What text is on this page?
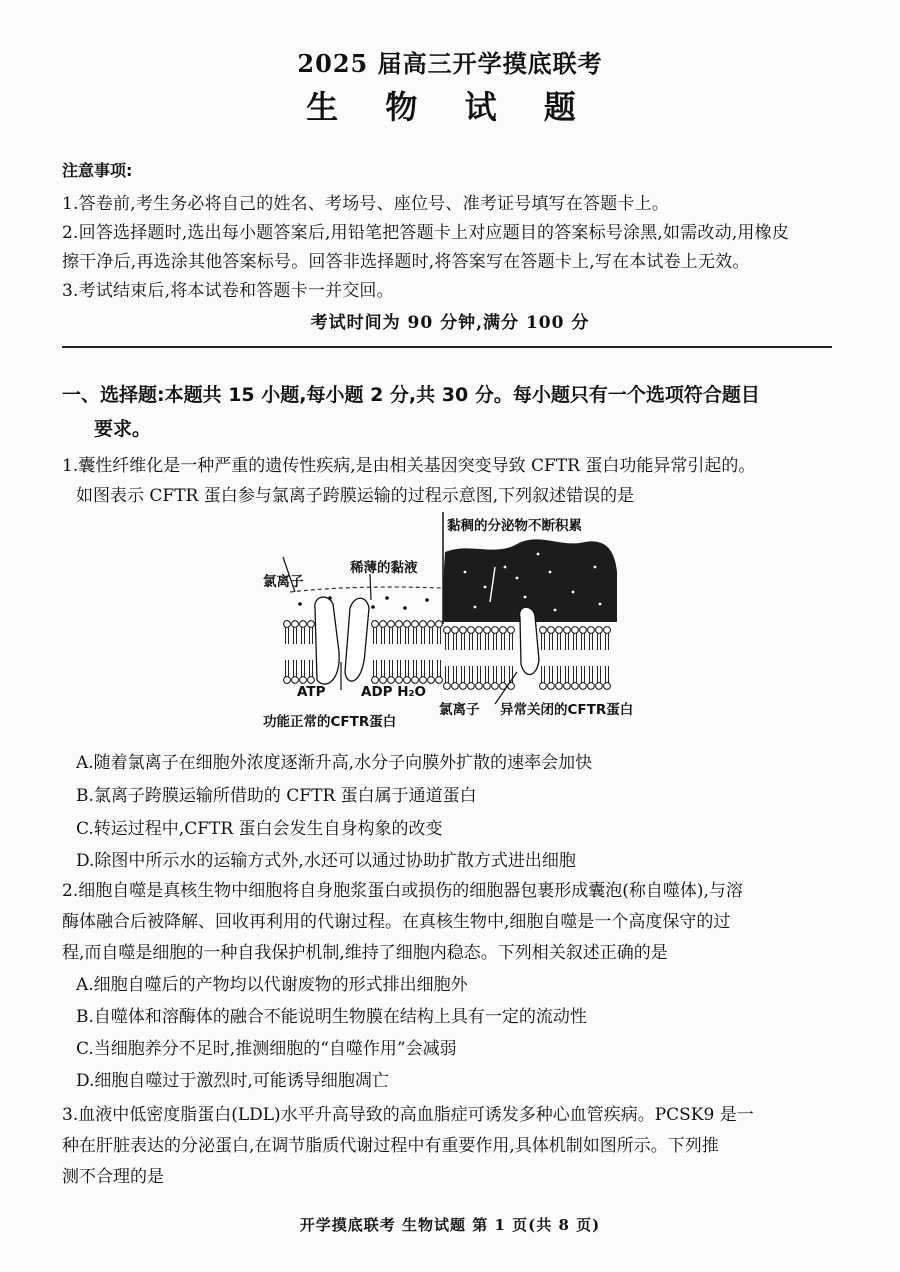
2025 届高三开学摸底联考
生 物 试 题
注意事项:
1.答卷前,考生务必将自己的姓名、考场号、座位号、准考证号填写在答题卡上。
2.回答选择题时,选出每小题答案后,用铅笔把答题卡上对应题目的答案标号涂黑,如需改动,用橡皮
擦干净后,再选涂其他答案标号。回答非选择题时,将答案写在答题卡上,写在本试卷上无效。
3.考试结束后,将本试卷和答题卡一并交回。
考试时间为 90 分钟,满分 100 分
一、选择题:本题共 15 小题,每小题 2 分,共 30 分。每小题只有一个选项符合题目
要求。
1.囊性纤维化是一种严重的遗传性疾病,是由相关基因突变导致 CFTR 蛋白功能异常引起的。
如图表示 CFTR 蛋白参与氯离子跨膜运输的过程示意图,下列叙述错误的是
黏稠的分泌物不断积累
稀薄的黏液
氯离子
ATP	ADP H₂O
功能正常的CFTR蛋白
氯离子 异常关闭的CFTR蛋白
A.随着氯离子在细胞外浓度逐渐升高,水分子向膜外扩散的速率会加快
B.氯离子跨膜运输所借助的 CFTR 蛋白属于通道蛋白
C.转运过程中,CFTR 蛋白会发生自身构象的改变
D.除图中所示水的运输方式外,水还可以通过协助扩散方式进出细胞
2.细胞自噬是真核生物中细胞将自身胞浆蛋白或损伤的细胞器包裹形成囊泡(称自噬体),与溶
酶体融合后被降解、回收再利用的代谢过程。在真核生物中,细胞自噬是一个高度保守的过
程,而自噬是细胞的一种自我保护机制,维持了细胞内稳态。下列相关叙述正确的是
A.细胞自噬后的产物均以代谢废物的形式排出细胞外
B.自噬体和溶酶体的融合不能说明生物膜在结构上具有一定的流动性
C.当细胞养分不足时,推测细胞的“自噬作用”会减弱
D.细胞自噬过于激烈时,可能诱导细胞凋亡
3.血液中低密度脂蛋白(LDL)水平升高导致的高血脂症可诱发多种心血管疾病。PCSK9 是一
种在肝脏表达的分泌蛋白,在调节脂质代谢过程中有重要作用,具体机制如图所示。下列推
测不合理的是
开学摸底联考 生物试题 第 1 页(共 8 页)
